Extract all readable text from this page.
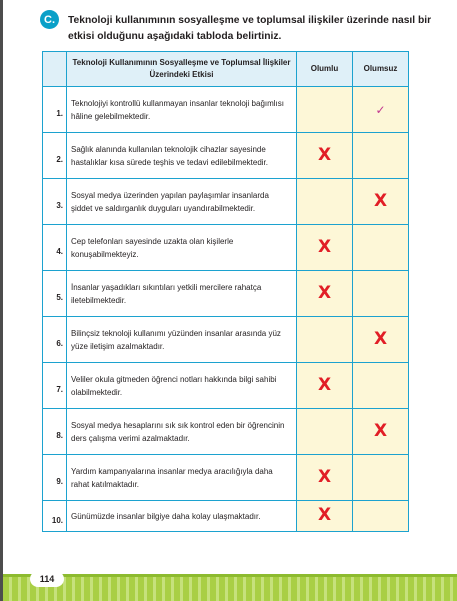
C.	Teknoloji kullanımının sosyalleşme ve toplumsal ilişkiler üzerinde nasıl bir etkisi olduğunu aşağıdaki tabloda belirtiniz.
	Teknoloji Kullanımının Sosyalleşme ve Toplumsal İlişkiler Üzerindeki Etkisi	Olumlu	Olumsuz
1.	Teknolojiyi kontrollü kullanmayan insanlar teknoloji bağımlısı hâline gelebilmektedir.		✓
2.	Sağlık alanında kullanılan teknolojik cihazlar sayesinde hastalıklar kısa sürede teşhis ve tedavi edilebilmektedir.	X	
3.	Sosyal medya üzerinden yapılan paylaşımlar insanlarda şiddet ve saldırganlık duyguları uyandırabilmektedir.		X
4.	Cep telefonları sayesinde uzakta olan kişilerle konuşabilmekteyiz.	X	
5.	İnsanlar yaşadıkları sıkıntıları yetkili mercilere rahatça iletebilmektedir.	X	
6.	Bilinçsiz teknoloji kullanımı yüzünden insanlar arasında yüz yüze iletişim azalmaktadır.		X
7.	Veliler okula gitmeden öğrenci notları hakkında bilgi sahibi olabilmektedir.	X	
8.	Sosyal medya hesaplarını sık sık kontrol eden bir öğrencinin ders çalışma verimi azalmaktadır.		X
9.	Yardım kampanyalarına insanlar medya aracılığıyla daha rahat katılmaktadır.	X	
10.	Günümüzde insanlar bilgiye daha kolay ulaşmaktadır.	X	
114
